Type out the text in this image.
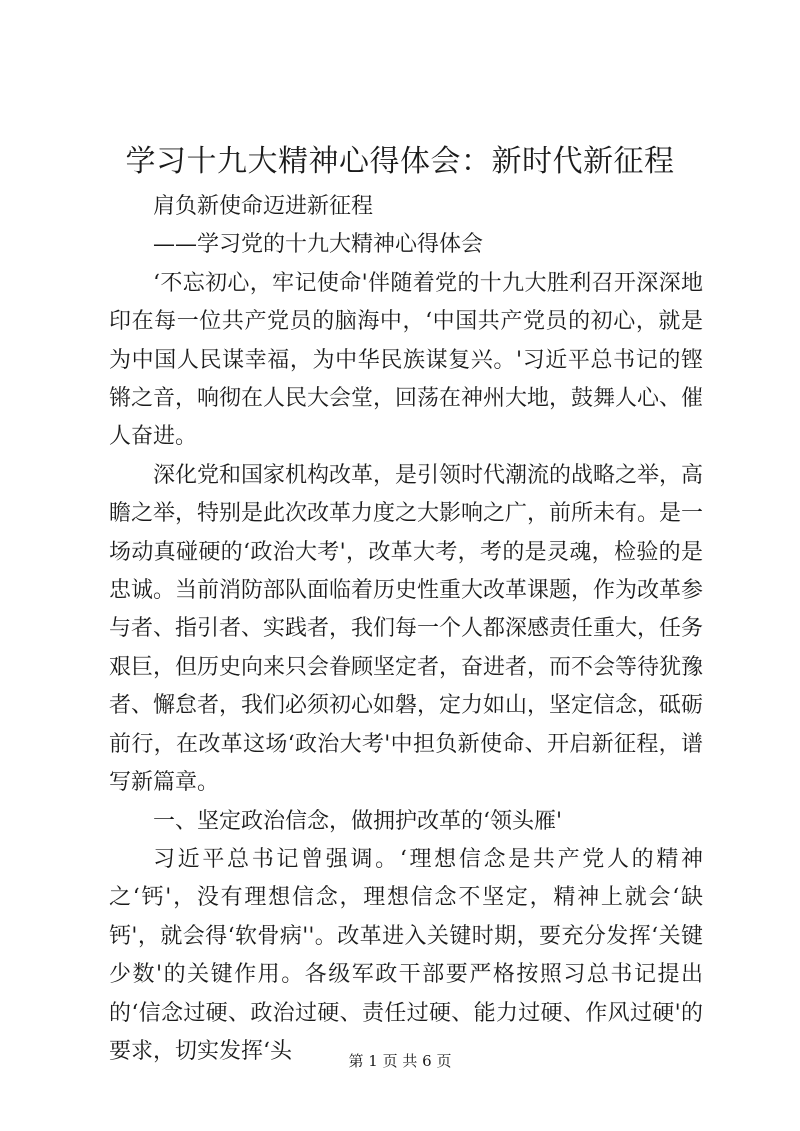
学习十九大精神心得体会：新时代新征程

肩负新使命迈进新征程

——学习党的十九大精神心得体会

‘不忘初心，牢记使命'伴随着党的十九大胜利召开深深地印在每一位共产党员的脑海中，‘中国共产党员的初心，就是为中国人民谋幸福，为中华民族谋复兴。'习近平总书记的铿锵之音，响彻在人民大会堂，回荡在神州大地，鼓舞人心、催人奋进。

深化党和国家机构改革，是引领时代潮流的战略之举，高瞻之举，特别是此次改革力度之大影响之广，前所未有。是一场动真碰硬的‘政治大考'，改革大考，考的是灵魂，检验的是忠诚。当前消防部队面临着历史性重大改革课题，作为改革参与者、指引者、实践者，我们每一个人都深感责任重大，任务艰巨，但历史向来只会眷顾坚定者，奋进者，而不会等待犹豫者、懈怠者，我们必须初心如磐，定力如山，坚定信念，砥砺前行，在改革这场‘政治大考'中担负新使命、开启新征程，谱写新篇章。

一、坚定政治信念，做拥护改革的‘领头雁'

习近平总书记曾强调。‘理想信念是共产党人的精神之‘钙'，没有理想信念，理想信念不坚定，精神上就会‘缺钙'，就会得‘软骨病''。改革进入关键时期，要充分发挥‘关键少数'的关键作用。各级军政干部要严格按照习总书记提出的‘信念过硬、政治过硬、责任过硬、能力过硬、作风过硬'的要求，切实发挥‘头	第 1 页 共 6 页
